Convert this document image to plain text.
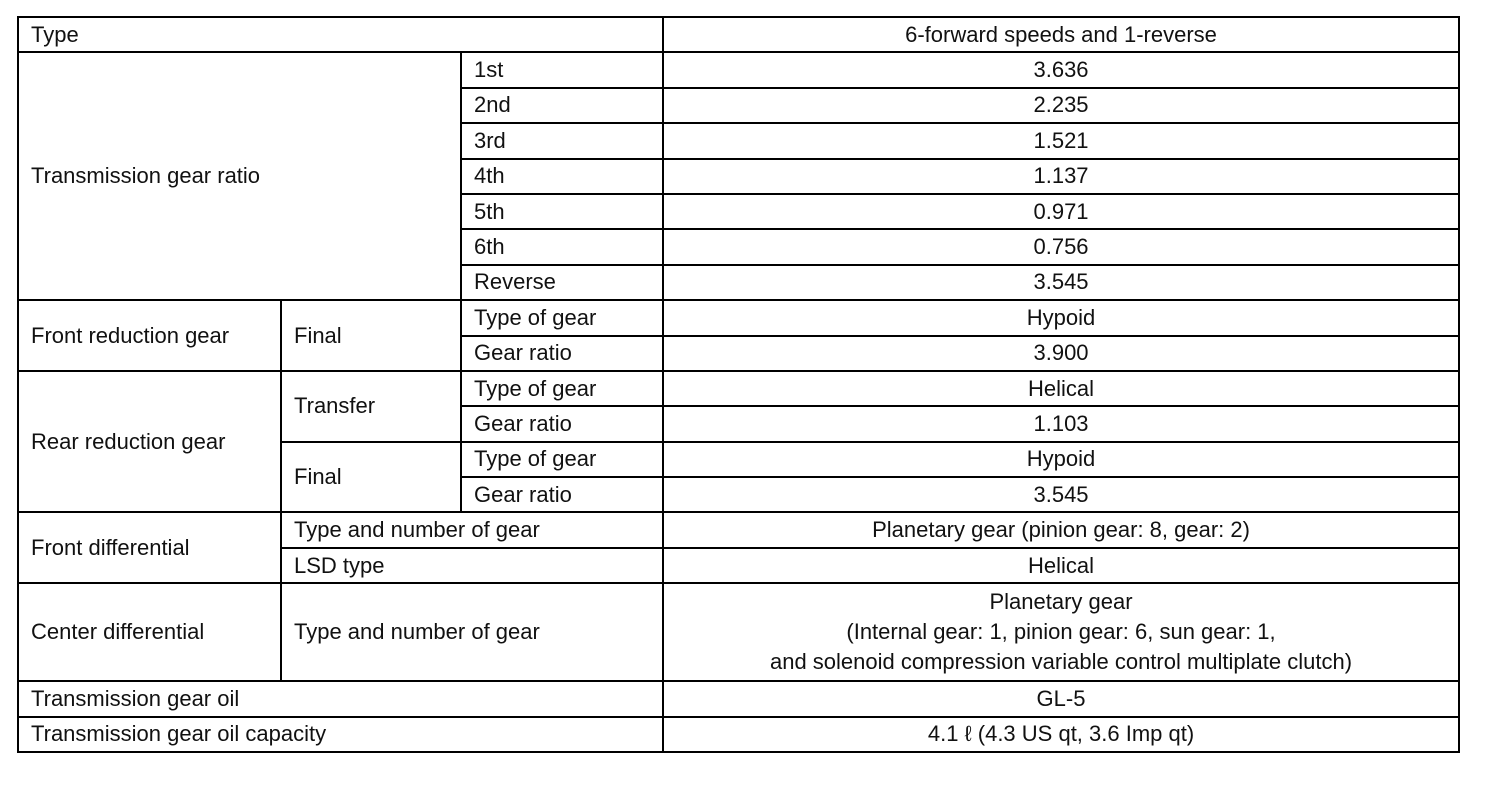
Type			6-forward speeds and 1-reverse
Transmission gear ratio		1st	3.636
		2nd	2.235
		3rd	1.521
		4th	1.137
		5th	0.971
		6th	0.756
		Reverse	3.545
Front reduction gear	Final	Type of gear	Hypoid
		Gear ratio	3.900
Rear reduction gear	Transfer	Type of gear	Helical
		Gear ratio	1.103
	Final	Type of gear	Hypoid
		Gear ratio	3.545
Front differential	Type and number of gear		Planetary gear (pinion gear: 8, gear: 2)
	LSD type		Helical
Center differential	Type and number of gear		Planetary gear
(Internal gear: 1, pinion gear: 6, sun gear: 1,
and solenoid compression variable control multiplate clutch)

Transmission gear oil			GL-5
Transmission gear oil capacity			4.1 ℓ (4.3 US qt, 3.6 Imp qt)
